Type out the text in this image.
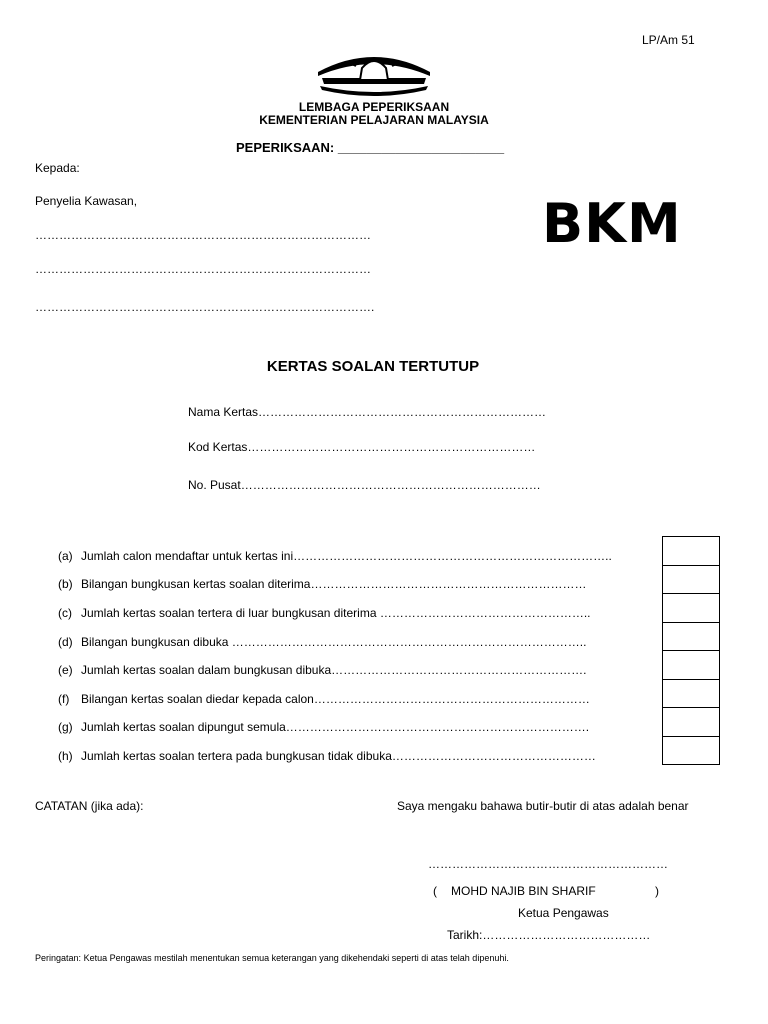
LP/Am 51
LEMBAGA PEPERIKSAAN
KEMENTERIAN PELAJARAN MALAYSIA
PEPERIKSAAN: _______________________
Kepada:
Penyelia Kawasan,
…………………………………………………………………………
…………………………………………………………………………
………………………………………………………………………….
BKM
KERTAS SOALAN TERTUTUP
Nama Kertas………………………………………………………………
Kod Kertas………………………………………………………………
No. Pusat…………………………………………………………………
(a) Jumlah calon mendaftar untuk kertas ini……………………………………………………………………..
(b) Bilangan bungkusan kertas soalan diterima……………………………………………………………
(c) Jumlah kertas soalan tertera di luar bungkusan diterima ……………………………………………..
(d) Bilangan bungkusan dibuka ……………………………………………………………………………..
(e) Jumlah kertas soalan dalam bungkusan dibuka……………………………………………………….
(f) Bilangan kertas soalan diedar kepada calon……………………………………………………………
(g) Jumlah kertas soalan dipungut semula………………………………………………………………….
(h) Jumlah kertas soalan tertera pada bungkusan tidak dibuka……………………………………………
CATATAN (jika ada):	Saya mengaku bahawa butir-butir di atas adalah benar
……………………………………………………
( MOHD NAJIB BIN SHARIF	)
Ketua Pengawas
Tarikh:……………………………………
Peringatan: Ketua Pengawas mestilah menentukan semua keterangan yang dikehendaki seperti di atas telah dipenuhi.
